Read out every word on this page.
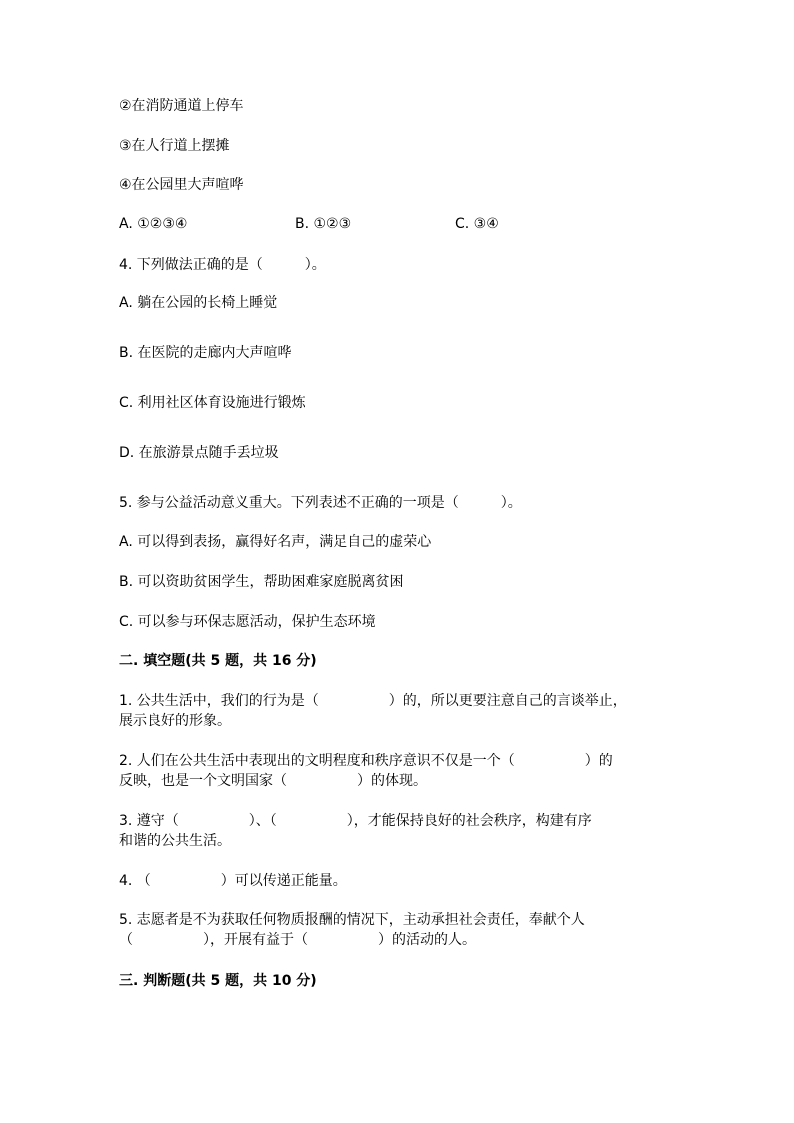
②在消防通道上停车
③在人行道上摆摊
④在公园里大声喧哗
A. ①②③④	B. ①②③	C. ③④
4. 下列做法正确的是（　　　）。
A. 躺在公园的长椅上睡觉
B. 在医院的走廊内大声喧哗
C. 利用社区体育设施进行锻炼
D. 在旅游景点随手丢垃圾
5. 参与公益活动意义重大。下列表述不正确的一项是（　　　）。
A. 可以得到表扬，赢得好名声，满足自己的虚荣心
B. 可以资助贫困学生，帮助困难家庭脱离贫困
C. 可以参与环保志愿活动，保护生态环境
二. 填空题(共 5 题，共 16 分)
1. 公共生活中，我们的行为是（　　　　　）的，所以更要注意自己的言谈举止，
展示良好的形象。
2. 人们在公共生活中表现出的文明程度和秩序意识不仅是一个（　　　　　）的
反映，也是一个文明国家（　　　　　）的体现。
3. 遵守（　　　　　）、（　　　　　），才能保持良好的社会秩序，构建有序
和谐的公共生活。
4. （　　　　　）可以传递正能量。
5. 志愿者是不为获取任何物质报酬的情况下，主动承担社会责任，奉献个人
（　　　　　），开展有益于（　　　　　）的活动的人。
三. 判断题(共 5 题，共 10 分)
